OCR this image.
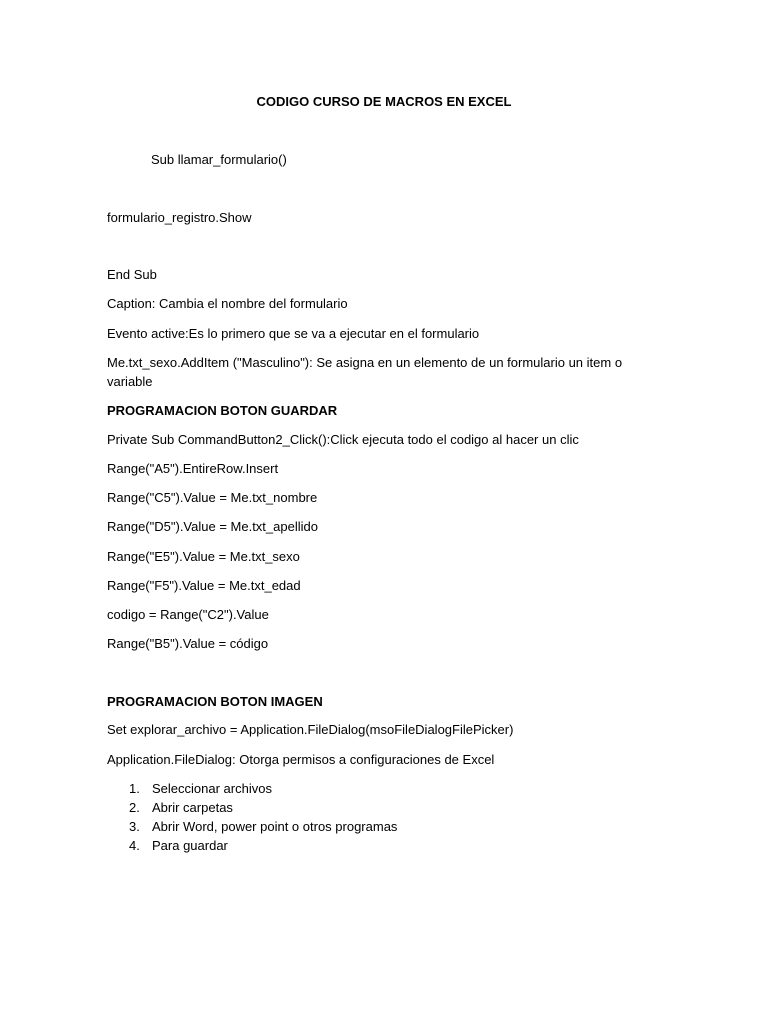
CODIGO CURSO DE MACROS EN EXCEL
Sub llamar_formulario()
formulario_registro.Show
End Sub
Caption: Cambia el nombre del formulario
Evento active:Es lo primero que se va a ejecutar en el formulario
Me.txt_sexo.AddItem ("Masculino"): Se asigna en un elemento de un formulario un item o variable
PROGRAMACION BOTON GUARDAR
Private Sub CommandButton2_Click():Click ejecuta todo el codigo al hacer un clic
Range("A5").EntireRow.Insert
Range("C5").Value = Me.txt_nombre
Range("D5").Value = Me.txt_apellido
Range("E5").Value = Me.txt_sexo
Range("F5").Value = Me.txt_edad
codigo = Range("C2").Value
Range("B5").Value = código
PROGRAMACION BOTON IMAGEN
Set explorar_archivo = Application.FileDialog(msoFileDialogFilePicker)
Application.FileDialog: Otorga permisos a configuraciones de Excel
1. Seleccionar archivos
2. Abrir carpetas
3. Abrir Word, power point o otros programas
4. Para guardar
